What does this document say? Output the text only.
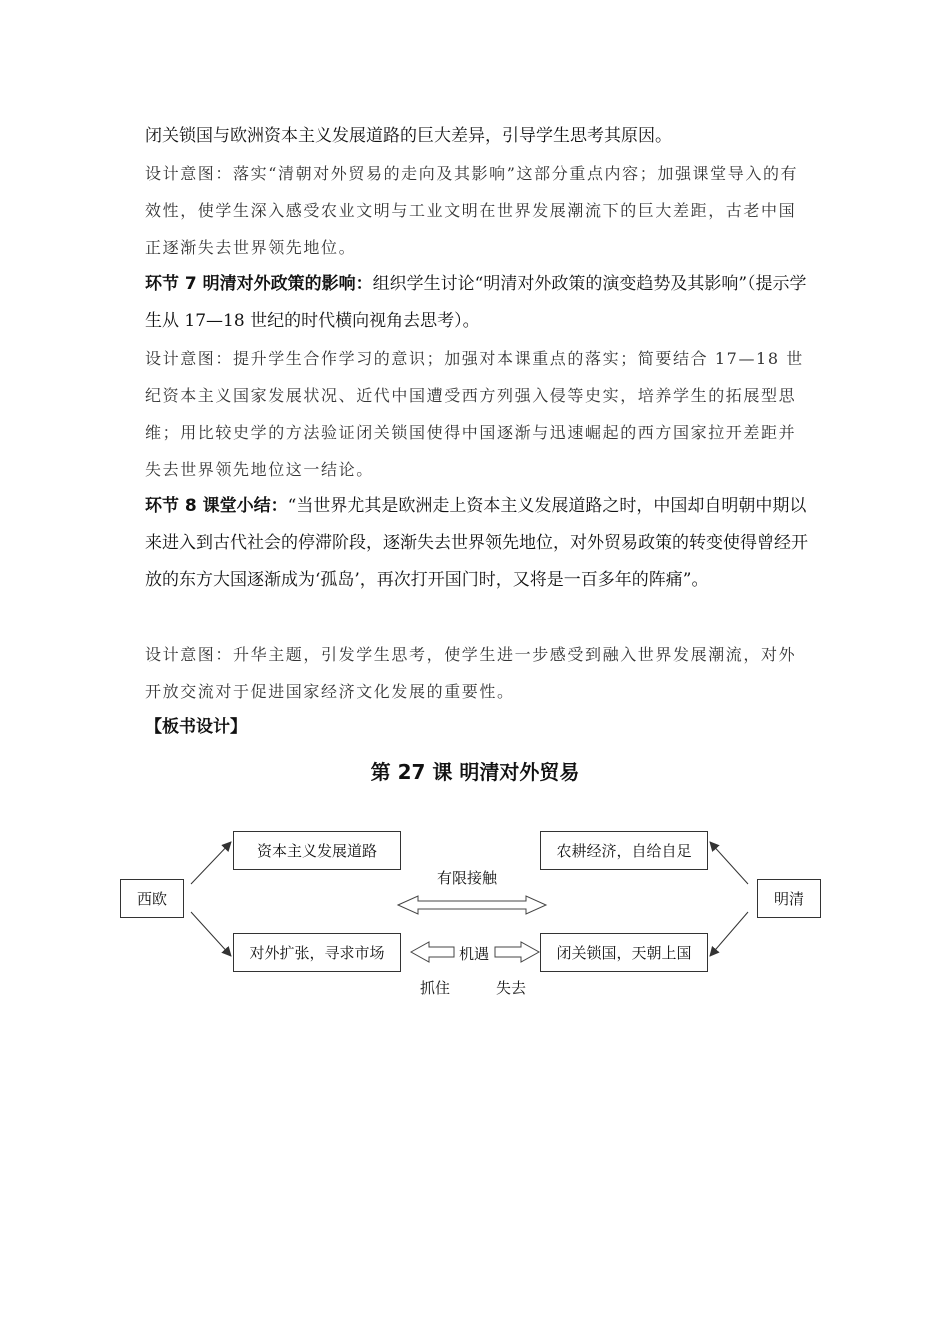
闭关锁国与欧洲资本主义发展道路的巨大差异，引导学生思考其原因。

设计意图：落实“清朝对外贸易的走向及其影响”这部分重点内容；加强课堂导入的有效性，使学生深入感受农业文明与工业文明在世界发展潮流下的巨大差距，古老中国正逐渐失去世界领先地位。

环节 7 明清对外政策的影响：组织学生讨论“明清对外政策的演变趋势及其影响”（提示学生从 17—18 世纪的时代横向视角去思考）。

设计意图：提升学生合作学习的意识；加强对本课重点的落实；简要结合 17—18 世纪资本主义国家发展状况、近代中国遭受西方列强入侵等史实，培养学生的拓展型思维；用比较史学的方法验证闭关锁国使得中国逐渐与迅速崛起的西方国家拉开差距并失去世界领先地位这一结论。

环节 8 课堂小结：“当世界尤其是欧洲走上资本主义发展道路之时，中国却自明朝中期以来进入到古代社会的停滞阶段，逐渐失去世界领先地位，对外贸易政策的转变使得曾经开放的东方大国逐渐成为‘孤岛’，再次打开国门时，又将是一百多年的阵痛”。

设计意图：升华主题，引发学生思考，使学生进一步感受到融入世界发展潮流，对外开放交流对于促进国家经济文化发展的重要性。

【板书设计】
第 27 课 明清对外贸易
西欧	明清
资本主义发展道路
对外扩张，寻求市场
农耕经济，自给自足
闭关锁国，天朝上国
有限接触
机遇
抓住	失去
